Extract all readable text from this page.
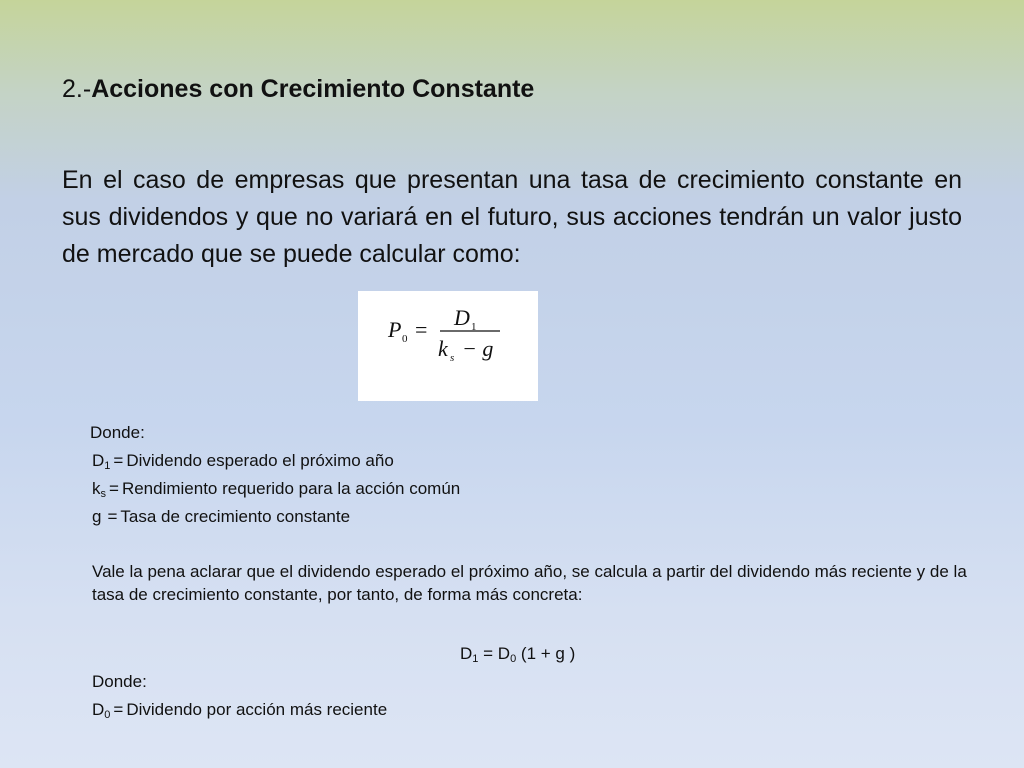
2.-Acciones con Crecimiento Constante

En el caso de empresas que presentan una tasa de crecimiento constante en sus dividendos y que no variará en el futuro, sus acciones tendrán un valor justo de mercado que se puede calcular como:

P 0 = D 1
k s − g

Donde:

$D_1$ = Dividendo esperado el próximo año
$k_s$ = Rendimiento requerido para la acción común
g = Tasa de crecimiento constante

Vale la pena aclarar que el dividendo esperado el próximo año, se calcula a partir del dividendo más reciente y de la tasa de crecimiento constante, por tanto, de forma más concreta:

$D_1 = D_0$ (1 + g )

Donde:

$D_0$ = Dividendo por acción más reciente
